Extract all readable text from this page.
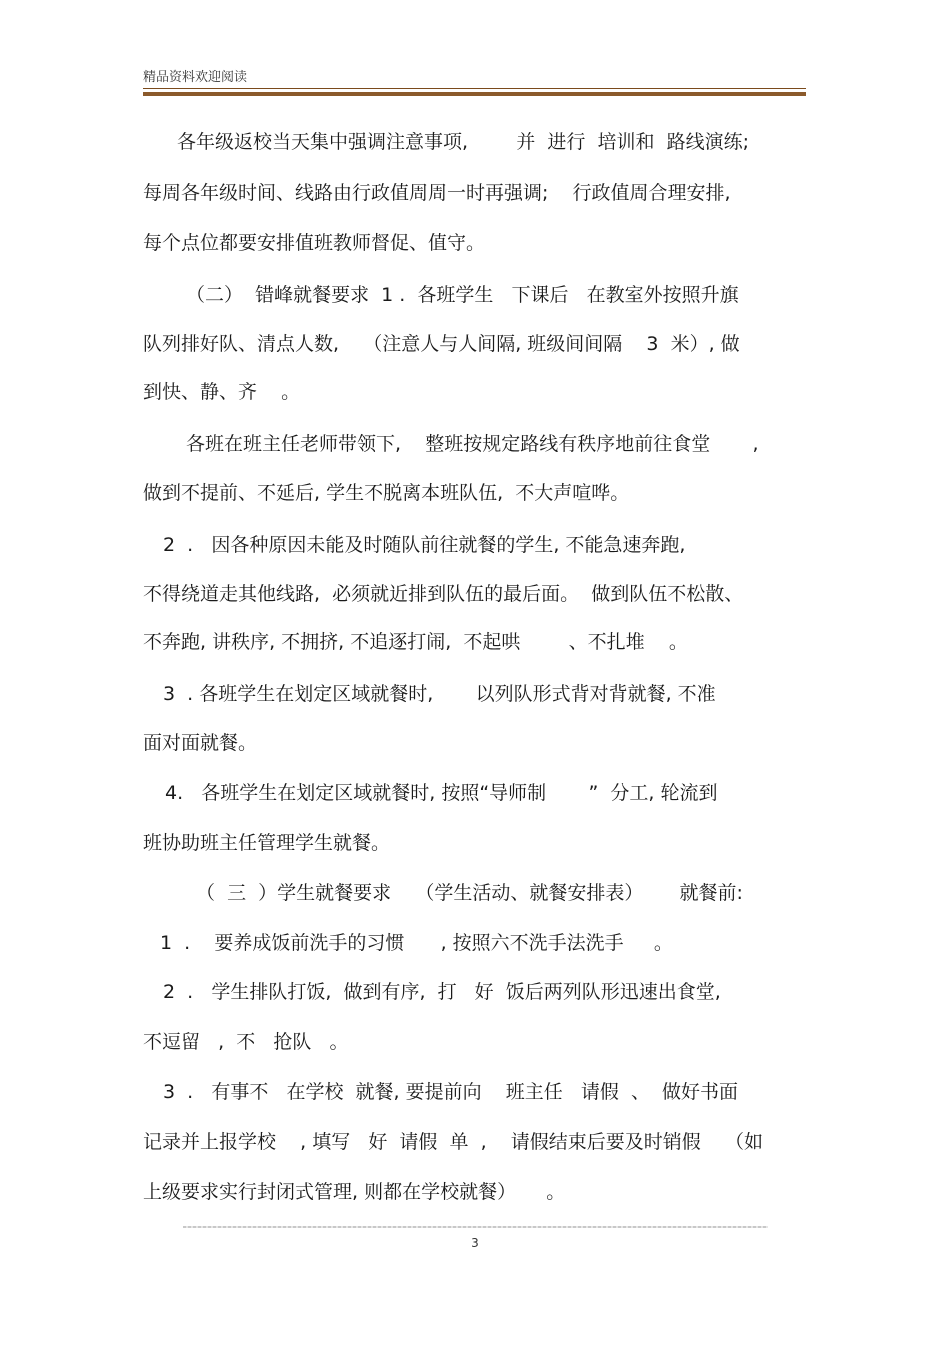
精品资料欢迎阅读
各年级返校当天集中强调注意事项,        并  进行  培训和  路线演练;
每周各年级时间、线路由行政值周周一时再强调;    行政值周合理安排,
每个点位都要安排值班教师督促、值守。
（二）  错峰就餐要求  1 .  各班学生   下课后   在教室外按照升旗
队列排好队、清点人数,    （注意人与人间隔, 班级间间隔    3  米）, 做
到快、静、齐    。
各班在班主任老师带领下,    整班按规定路线有秩序地前往食堂       ,
做到不提前、不延后, 学生不脱离本班队伍,  不大声喧哗。
2  .   因各种原因未能及时随队前往就餐的学生, 不能急速奔跑,
不得绕道走其他线路,  必须就近排到队伍的最后面。  做到队伍不松散、
不奔跑, 讲秩序, 不拥挤, 不追逐打闹,  不起哄        、不扎堆    。
3  . 各班学生在划定区域就餐时,       以列队形式背对背就餐, 不准
面对面就餐。
4.   各班学生在划定区域就餐时, 按照“导师制       ”  分工, 轮流到
班协助班主任管理学生就餐。
（  三  ）学生就餐要求    （学生活动、就餐安排表）      就餐前:
1  .    要养成饭前洗手的习惯      , 按照六不洗手法洗手     。
2  .   学生排队打饭,  做到有序,  打   好  饭后两列队形迅速出食堂,
不逗留   ,  不   抢队   。
3  .   有事不   在学校  就餐, 要提前向    班主任   请假  、  做好书面
记录并上报学校    , 填写   好  请假  单  ,    请假结束后要及时销假    （如
上级要求实行封闭式管理, 则都在学校就餐）     。
3
